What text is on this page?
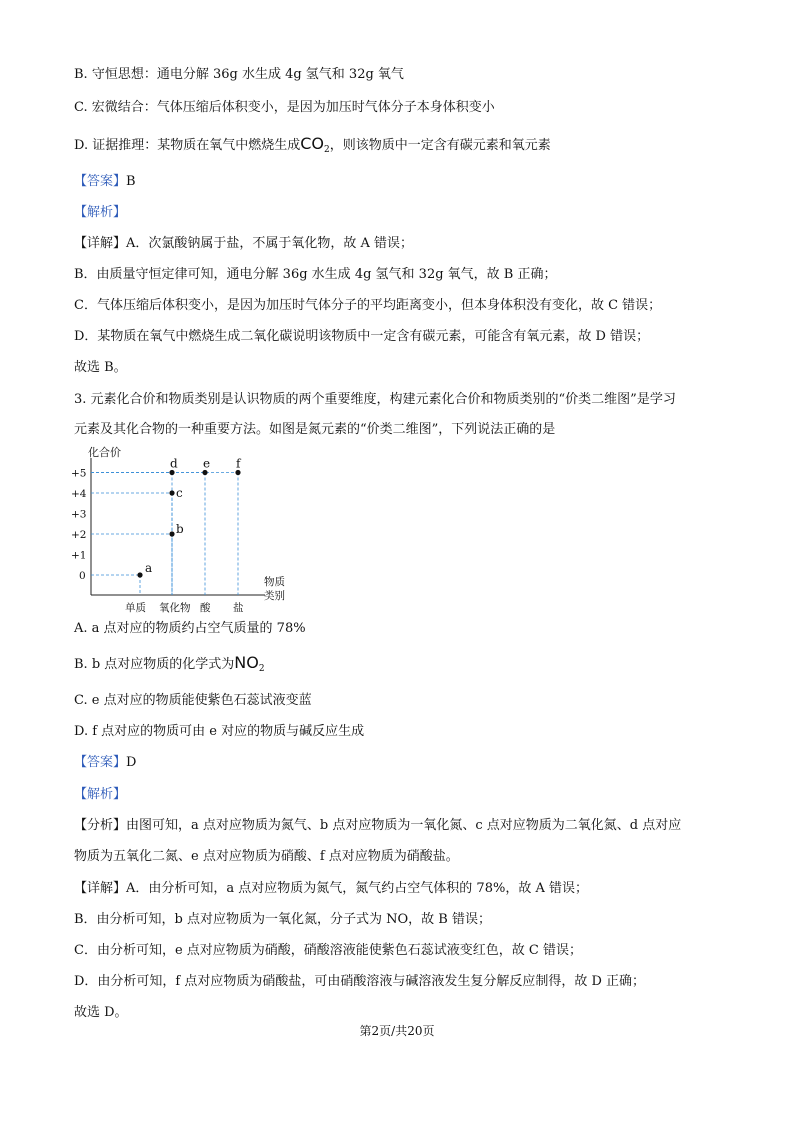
B. 守恒思想：通电分解 36g 水生成 4g 氢气和 32g 氧气
C. 宏微结合：气体压缩后体积变小，是因为加压时气体分子本身体积变小
D. 证据推理：某物质在氧气中燃烧生成$CO_2$，则该物质中一定含有碳元素和氧元素
【答案】B
【解析】
【详解】A．次氯酸钠属于盐，不属于氧化物，故 A 错误；
B．由质量守恒定律可知，通电分解 36g 水生成 4g 氢气和 32g 氧气，故 B 正确；
C．气体压缩后体积变小，是因为加压时气体分子的平均距离变小，但本身体积没有变化，故 C 错误；
D．某物质在氧气中燃烧生成二氧化碳说明该物质中一定含有碳元素，可能含有氧元素，故 D 错误；
故选 B。
3. 元素化合价和物质类别是认识物质的两个重要维度，构建元素化合价和物质类别的“价类二维图”是学习
元素及其化合物的一种重要方法。如图是氮元素的“价类二维图”，下列说法正确的是
化合价
物质
类别
+5
+4
+3
+2
+1
0
单质 氧化物 酸 盐
a
b
c
d e f
A. a 点对应的物质约占空气质量的 78%
B. b 点对应物质的化学式为$NO_2$
C. e 点对应的物质能使紫色石蕊试液变蓝
D. f 点对应的物质可由 e 对应的物质与碱反应生成
【答案】D
【解析】
【分析】由图可知，a 点对应物质为氮气、b 点对应物质为一氧化氮、c 点对应物质为二氧化氮、d 点对应
物质为五氧化二氮、e 点对应物质为硝酸、f 点对应物质为硝酸盐。
【详解】A．由分析可知，a 点对应物质为氮气，氮气约占空气体积的 78%，故 A 错误；
B．由分析可知，b 点对应物质为一氧化氮，分子式为 NO，故 B 错误；
C．由分析可知，e 点对应物质为硝酸，硝酸溶液能使紫色石蕊试液变红色，故 C 错误；
D．由分析可知，f 点对应物质为硝酸盐，可由硝酸溶液与碱溶液发生复分解反应制得，故 D 正确；
故选 D。
第2页/共20页
